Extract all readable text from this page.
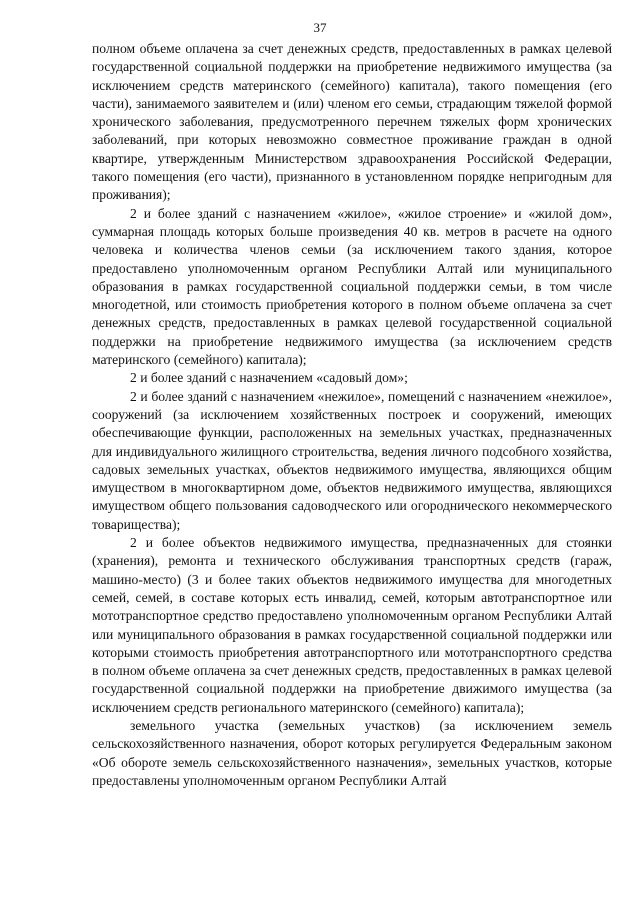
37

полном объеме оплачена за счет денежных средств, предоставленных в рамках целевой государственной социальной поддержки на приобретение недвижимого имущества (за исключением средств материнского (семейного) капитала), такого помещения (его части), занимаемого заявителем и (или) членом его семьи, страдающим тяжелой формой хронического заболевания, предусмотренного перечнем тяжелых форм хронических заболеваний, при которых невозможно совместное проживание граждан в одной квартире, утвержденным Министерством здравоохранения Российской Федерации, такого помещения (его части), признанного в установленном порядке непригодным для проживания);

2 и более зданий с назначением «жилое», «жилое строение» и «жилой дом», суммарная площадь которых больше произведения 40 кв. метров в расчете на одного человека и количества членов семьи (за исключением такого здания, которое предоставлено уполномоченным органом Республики Алтай или муниципального образования в рамках государственной социальной поддержки семьи, в том числе многодетной, или стоимость приобретения которого в полном объеме оплачена за счет денежных средств, предоставленных в рамках целевой государственной социальной поддержки на приобретение недвижимого имущества (за исключением средств материнского (семейного) капитала);

2 и более зданий с назначением «садовый дом»;

2 и более зданий с назначением «нежилое», помещений с назначением «нежилое», сооружений (за исключением хозяйственных построек и сооружений, имеющих обеспечивающие функции, расположенных на земельных участках, предназначенных для индивидуального жилищного строительства, ведения личного подсобного хозяйства, садовых земельных участках, объектов недвижимого имущества, являющихся общим имуществом в многоквартирном доме, объектов недвижимого имущества, являющихся имуществом общего пользования садоводческого или огороднического некоммерческого товарищества);

2 и более объектов недвижимого имущества, предназначенных для стоянки (хранения), ремонта и технического обслуживания транспортных средств (гараж, машино-место) (3 и более таких объектов недвижимого имущества для многодетных семей, семей, в составе которых есть инвалид, семей, которым автотранспортное или мототранспортное средство предоставлено уполномоченным органом Республики Алтай или муниципального образования в рамках государственной социальной поддержки или которыми стоимость приобретения автотранспортного или мототранспортного средства в полном объеме оплачена за счет денежных средств, предоставленных в рамках целевой государственной социальной поддержки на приобретение движимого имущества (за исключением средств регионального материнского (семейного) капитала);

земельного участка (земельных участков) (за исключением земель сельскохозяйственного назначения, оборот которых регулируется Федеральным законом «Об обороте земель сельскохозяйственного назначения», земельных участков, которые предоставлены уполномоченным органом Республики Алтай
